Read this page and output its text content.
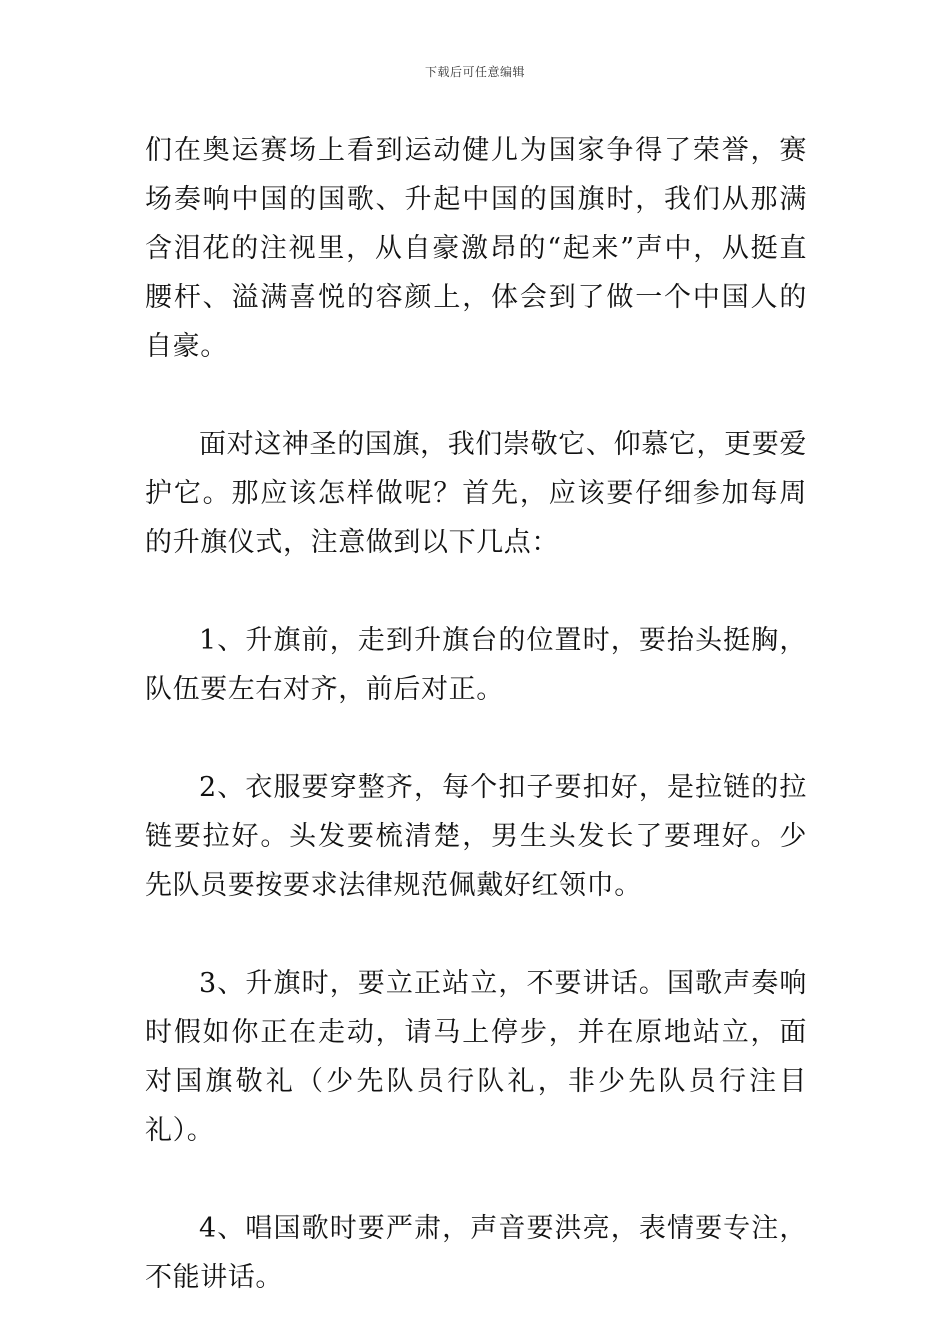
下载后可任意编辑

们在奥运赛场上看到运动健儿为国家争得了荣誉，赛场奏响中国的国歌、升起中国的国旗时，我们从那满含泪花的注视里，从自豪激昂的“起来”声中，从挺直腰杆、溢满喜悦的容颜上，体会到了做一个中国人的自豪。

面对这神圣的国旗，我们崇敬它、仰慕它，更要爱护它。那应该怎样做呢？首先，应该要仔细参加每周的升旗仪式，注意做到以下几点：

1、升旗前，走到升旗台的位置时，要抬头挺胸，队伍要左右对齐，前后对正。

2、衣服要穿整齐，每个扣子要扣好，是拉链的拉链要拉好。头发要梳清楚，男生头发长了要理好。少先队员要按要求法律规范佩戴好红领巾。

3、升旗时，要立正站立，不要讲话。国歌声奏响时假如你正在走动，请马上停步，并在原地站立，面对国旗敬礼（少先队员行队礼，非少先队员行注目礼）。

4、唱国歌时要严肃，声音要洪亮，表情要专注，不能讲话。
